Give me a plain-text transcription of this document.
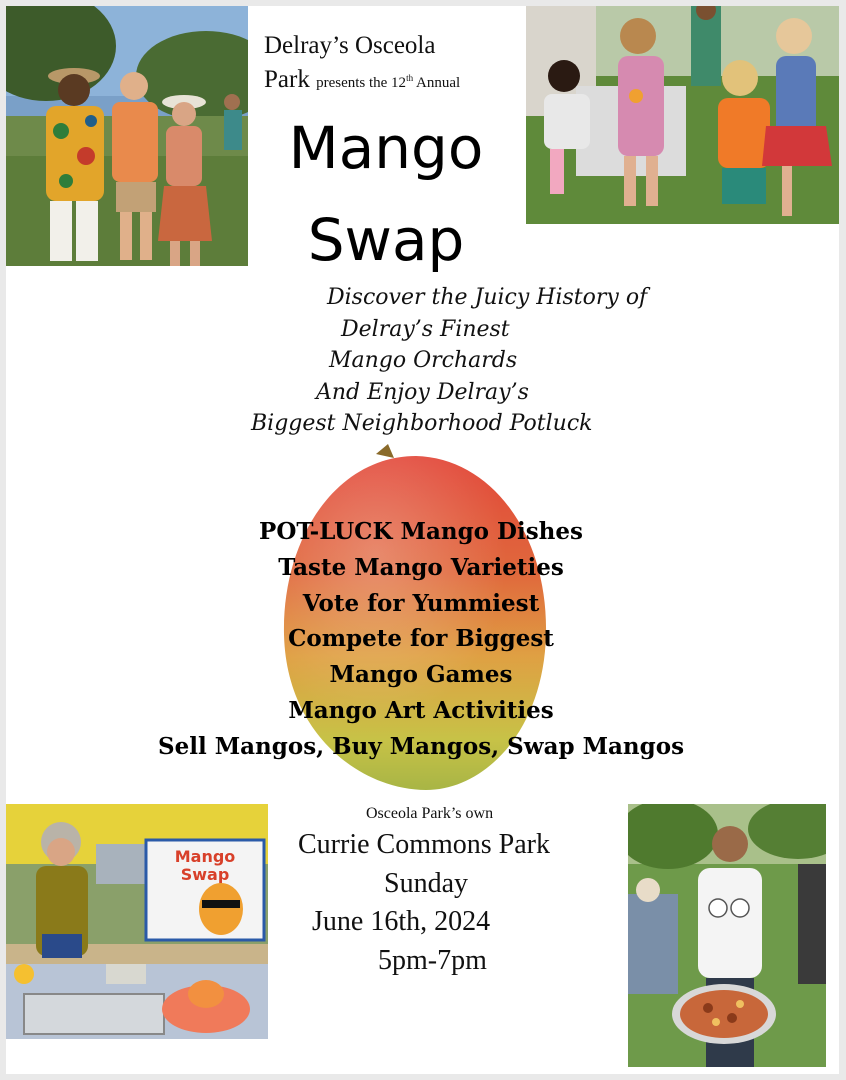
Delray’s Osceola
Park presents the 12th Annual
Mango
Swap
Discover the Juicy History of
Delray’s Finest
Mango Orchards
And Enjoy Delray’s
Biggest Neighborhood Potluck
POT-LUCK Mango Dishes
Taste Mango Varieties
Vote for Yummiest
Compete for Biggest
Mango Games
Mango Art Activities
Sell Mangos, Buy Mangos, Swap Mangos
Mango
Swap
Osceola Park’s own
Currie Commons Park
Sunday
June 16th, 2024
5pm-7pm
